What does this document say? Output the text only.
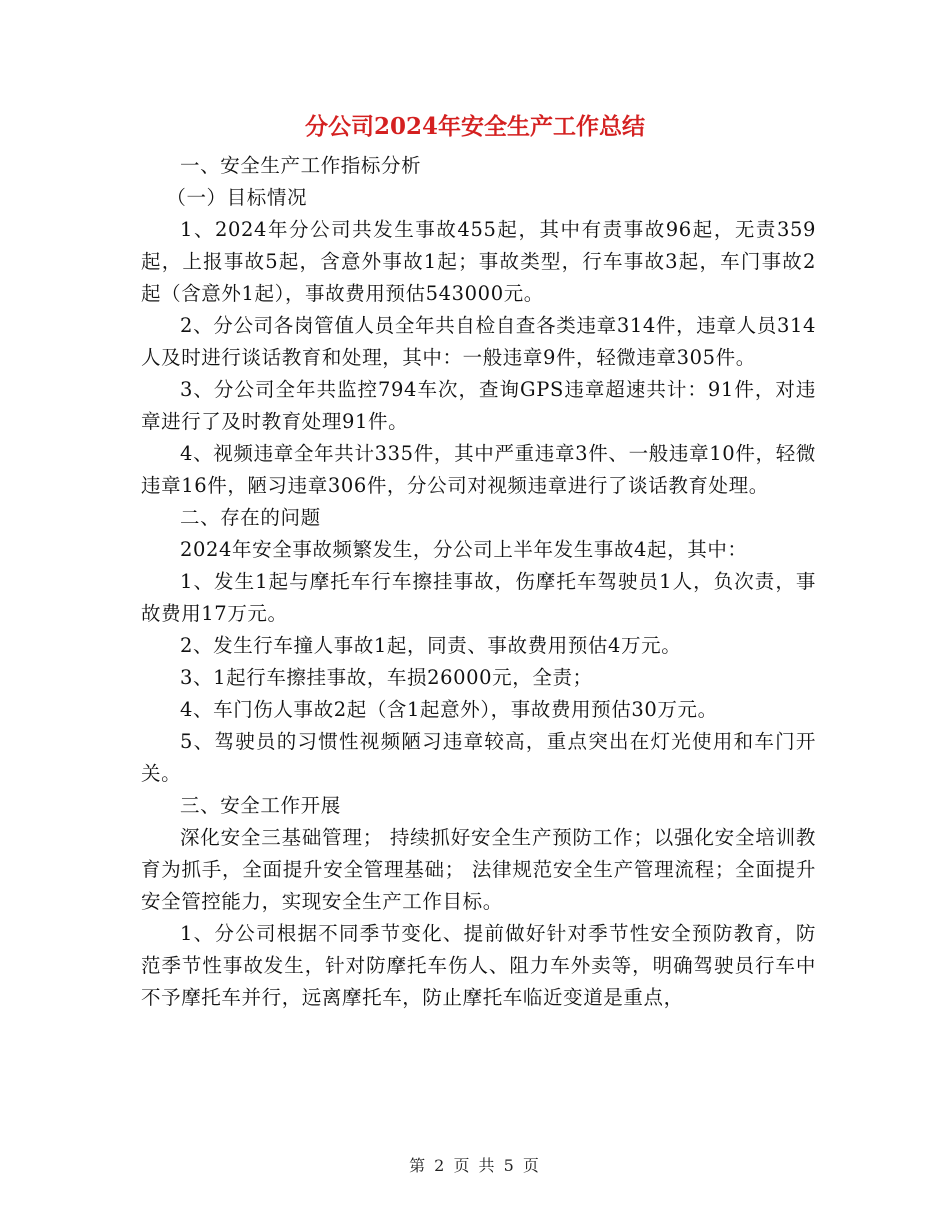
分公司2024年安全生产工作总结

一、安全生产工作指标分析

（一）目标情况

1、2024年分公司共发生事故455起，其中有责事故96起，无责359起，上报事故5起，含意外事故1起；事故类型，行车事故3起，车门事故2起（含意外1起），事故费用预估543000元。

2、分公司各岗管值人员全年共自检自查各类违章314件，违章人员314人及时进行谈话教育和处理，其中：一般违章9件，轻微违章305件。

3、分公司全年共监控794车次，查询GPS违章超速共计：91件，对违章进行了及时教育处理91件。

4、视频违章全年共计335件，其中严重违章3件、一般违章10件，轻微违章16件，陋习违章306件，分公司对视频违章进行了谈话教育处理。

二、存在的问题

2024年安全事故频繁发生，分公司上半年发生事故4起，其中：

1、发生1起与摩托车行车擦挂事故，伤摩托车驾驶员1人，负次责，事故费用17万元。

2、发生行车撞人事故1起，同责、事故费用预估4万元。

3、1起行车擦挂事故，车损26000元，全责；

4、车门伤人事故2起（含1起意外），事故费用预估30万元。

5、驾驶员的习惯性视频陋习违章较高，重点突出在灯光使用和车门开关。

三、安全工作开展

深化安全三基础管理； 持续抓好安全生产预防工作；以强化安全培训教育为抓手，全面提升安全管理基础； 法律规范安全生产管理流程；全面提升安全管控能力，实现安全生产工作目标。

1、分公司根据不同季节变化、提前做好针对季节性安全预防教育，防范季节性事故发生，针对防摩托车伤人、阻力车外卖等，明确驾驶员行车中不予摩托车并行，远离摩托车，防止摩托车临近变道是重点，

第 2 页 共 5 页
